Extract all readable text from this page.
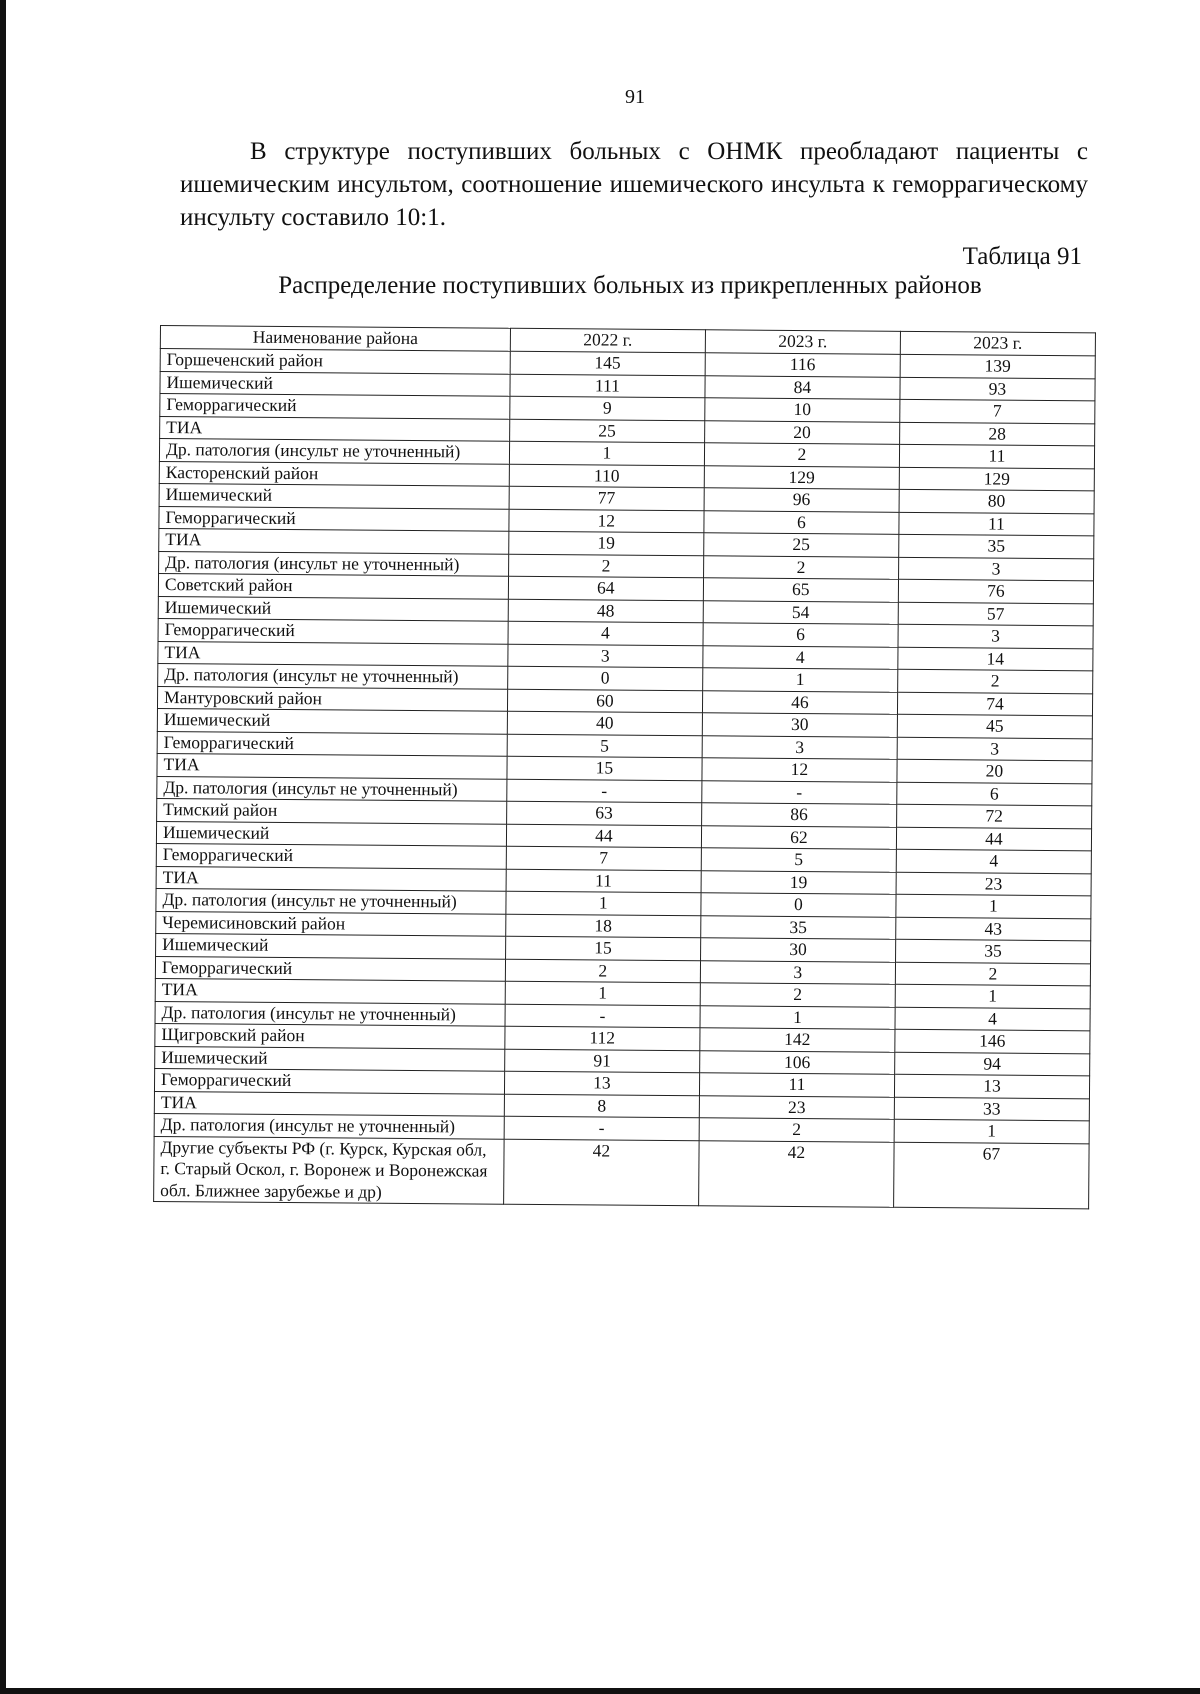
91

В структуре поступивших больных с ОНМК преобладают пациенты с ишемическим инсультом, соотношение ишемического инсульта к геморрагическому инсульту составило 10:1.

Таблица 91
Распределение поступивших больных из прикрепленных районов
Наименование района	2022 г.	2023 г.	2023 г.
Горшеченский район	145	116	139
Ишемический	111	84	93
Геморрагический	9	10	7
ТИА	25	20	28
Др. патология (инсульт не уточненный)	1	2	11
Касторенский район	110	129	129
Ишемический	77	96	80
Геморрагический	12	6	11
ТИА	19	25	35
Др. патология (инсульт не уточненный)	2	2	3
Советский район	64	65	76
Ишемический	48	54	57
Геморрагический	4	6	3
ТИА	3	4	14
Др. патология (инсульт не уточненный)	0	1	2
Мантуровский район	60	46	74
Ишемический	40	30	45
Геморрагический	5	3	3
ТИА	15	12	20
Др. патология (инсульт не уточненный)	-	-	6
Тимский район	63	86	72
Ишемический	44	62	44
Геморрагический	7	5	4
ТИА	11	19	23
Др. патология (инсульт не уточненный)	1	0	1
Черемисиновский район	18	35	43
Ишемический	15	30	35
Геморрагический	2	3	2
ТИА	1	2	1
Др. патология (инсульт не уточненный)	-	1	4
Щигровский район	112	142	146
Ишемический	91	106	94
Геморрагический	13	11	13
ТИА	8	23	33
Др. патология (инсульт не уточненный)	-	2	1
Другие субъекты РФ (г. Курск, Курская обл, г. Старый Оскол, г. Воронеж и Воронежская обл. Ближнее зарубежье и др)	42	42	67
